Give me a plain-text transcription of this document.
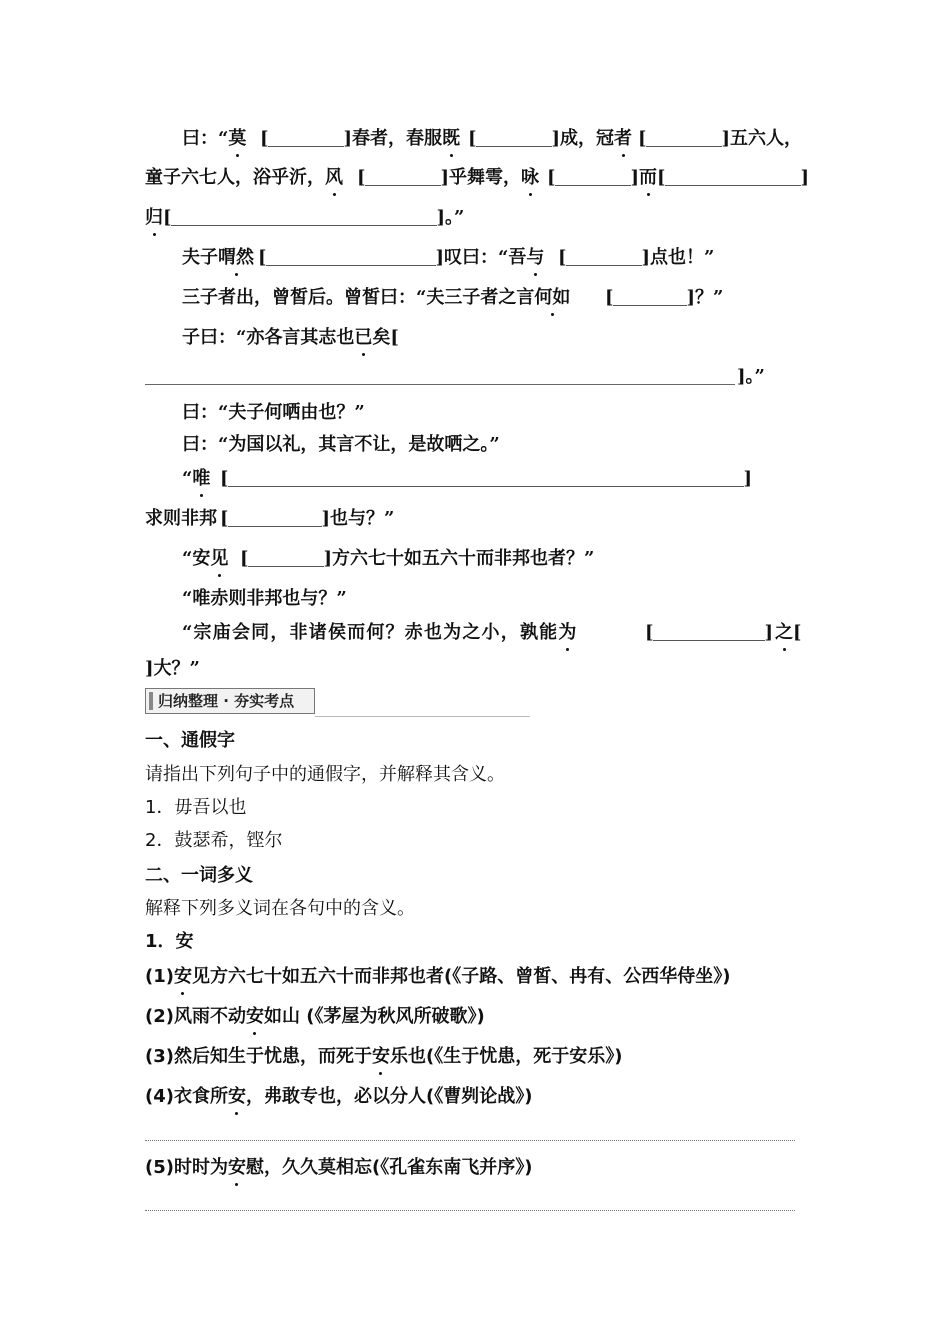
曰：“莫 [	] 春者，春服既 [	] 成，冠者 [	] 五六人，
童子六七人，浴乎沂，风 [	] 乎舞雩，咏 [	] 而 [	]
归 [	] 。”
夫子喟然 [	] 叹曰：“吾与 [	] 点也！”
三子者出，曾皙后。曾皙曰：“夫三子者之言何如 [	] ？”
子曰：“亦各言其志也已矣[
]。”
曰：“夫子何哂由也？”
曰：“为国以礼，其言不让，是故哂之。”
“唯 [	]
求则非邦 [	] 也与？”
“安见 [	] 方六七十如五六十而非邦也者？”
“唯赤则非邦也与？”
“宗庙会同，非诸侯而何？赤也为之小，孰能为	[	] 之[
]大？”
归纳整理 · 夯实考点
一、通假字
请指出下列句子中的通假字，并解释其含义。
1．毋吾以也
2．鼓瑟希，铿尔
二、一词多义
解释下列多义词在各句中的含义。
1．安
(1)安见方六七十如五六十而非邦也者(《子路、曾皙、冉有、公西华侍坐》)
(2)风雨不动安如山 (《茅屋为秋风所破歌》)
(3)然后知生于忧患，而死于安乐也(《生于忧患，死于安乐》)
(4)衣食所安，弗敢专也，必以分人(《曹刿论战》)
(5)时时为安慰，久久莫相忘(《孔雀东南飞并序》)
